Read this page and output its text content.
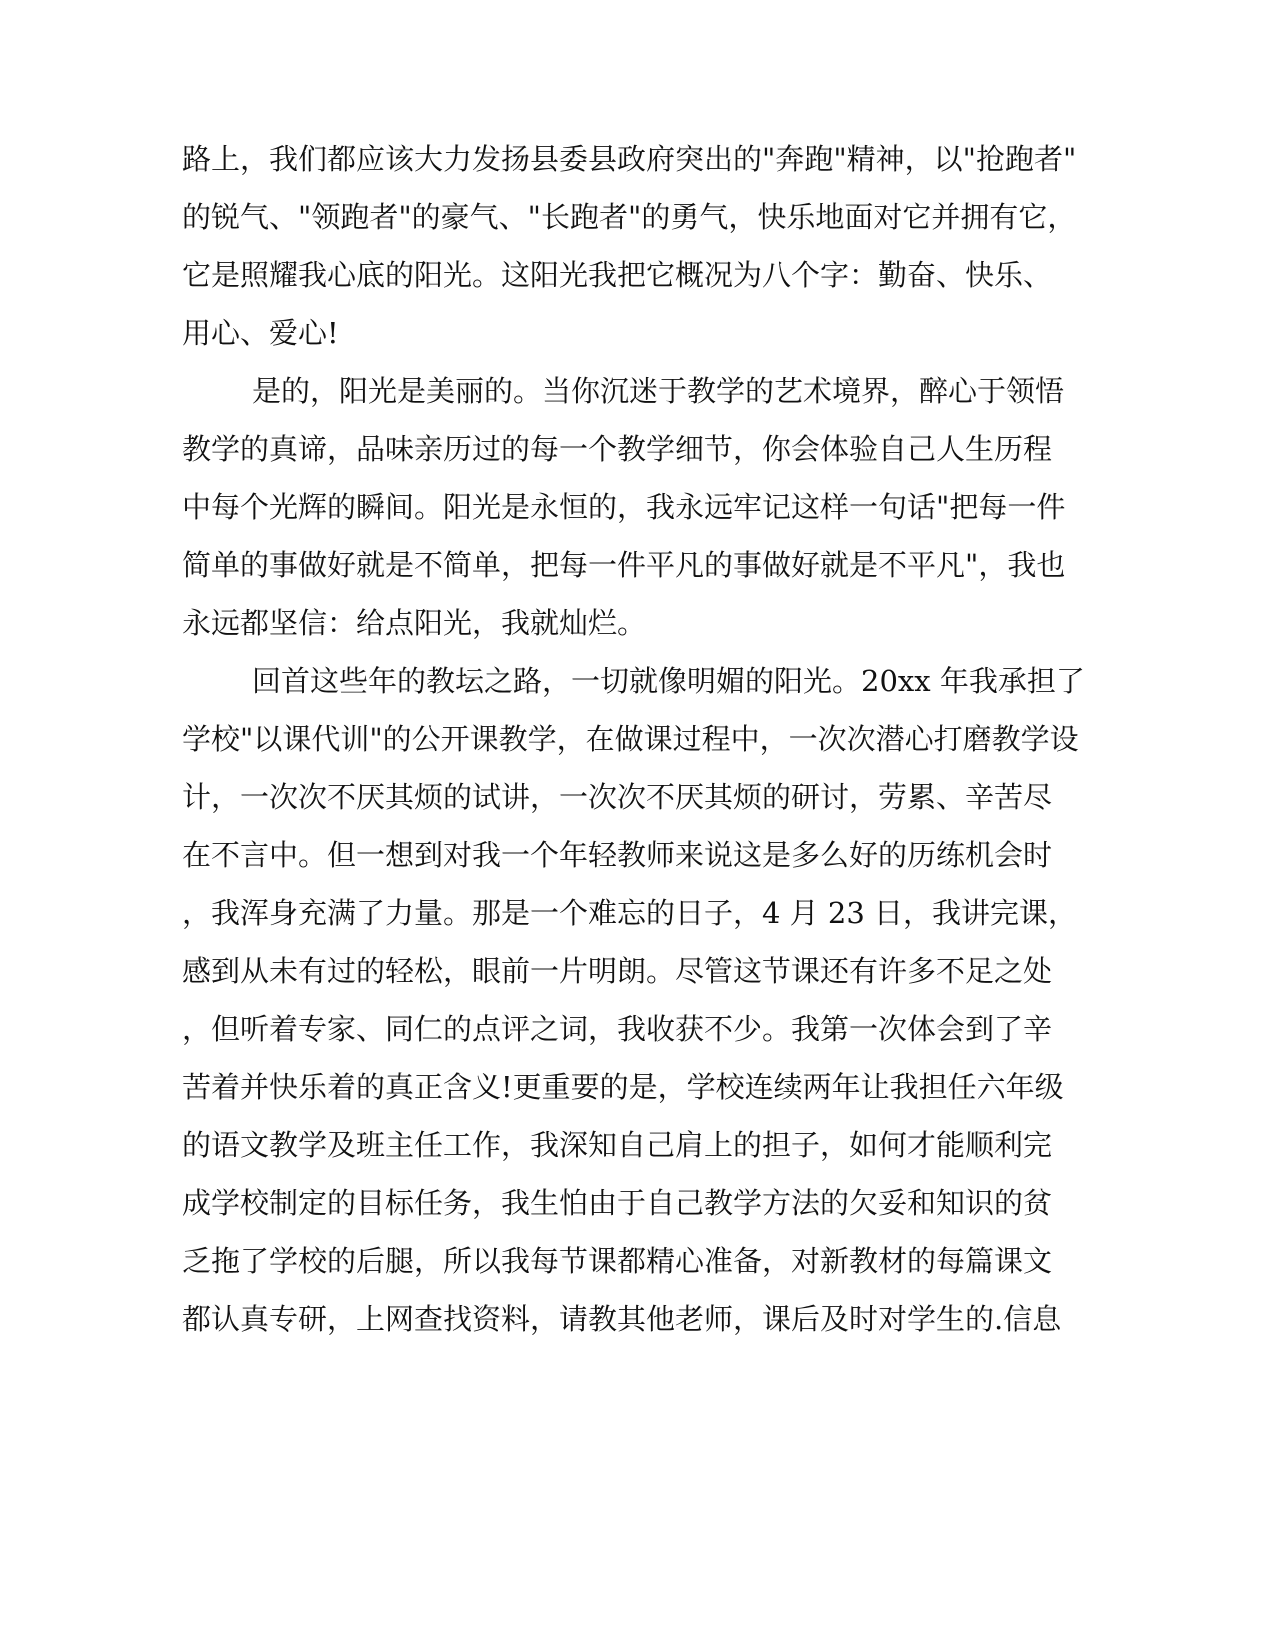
路上，我们都应该大力发扬县委县政府突出的"奔跑"精神，以"抢跑者"
的锐气、"领跑者"的豪气、"长跑者"的勇气，快乐地面对它并拥有它，
它是照耀我心底的阳光。这阳光我把它概况为八个字：勤奋、快乐、
用心、爱心!
是的，阳光是美丽的。当你沉迷于教学的艺术境界，醉心于领悟
教学的真谛，品味亲历过的每一个教学细节，你会体验自己人生历程
中每个光辉的瞬间。阳光是永恒的，我永远牢记这样一句话"把每一件
简单的事做好就是不简单，把每一件平凡的事做好就是不平凡"，我也
永远都坚信：给点阳光，我就灿烂。
回首这些年的教坛之路，一切就像明媚的阳光。20xx 年我承担了
学校"以课代训"的公开课教学，在做课过程中，一次次潜心打磨教学设
计，一次次不厌其烦的试讲，一次次不厌其烦的研讨，劳累、辛苦尽
在不言中。但一想到对我一个年轻教师来说这是多么好的历练机会时
，我浑身充满了力量。那是一个难忘的日子，4 月 23 日，我讲完课，
感到从未有过的轻松，眼前一片明朗。尽管这节课还有许多不足之处
，但听着专家、同仁的点评之词，我收获不少。我第一次体会到了辛
苦着并快乐着的真正含义!更重要的是，学校连续两年让我担任六年级
的语文教学及班主任工作，我深知自己肩上的担子，如何才能顺利完
成学校制定的目标任务，我生怕由于自己教学方法的欠妥和知识的贫
乏拖了学校的后腿，所以我每节课都精心准备，对新教材的每篇课文
都认真专研，上网查找资料，请教其他老师，课后及时对学生的.信息
